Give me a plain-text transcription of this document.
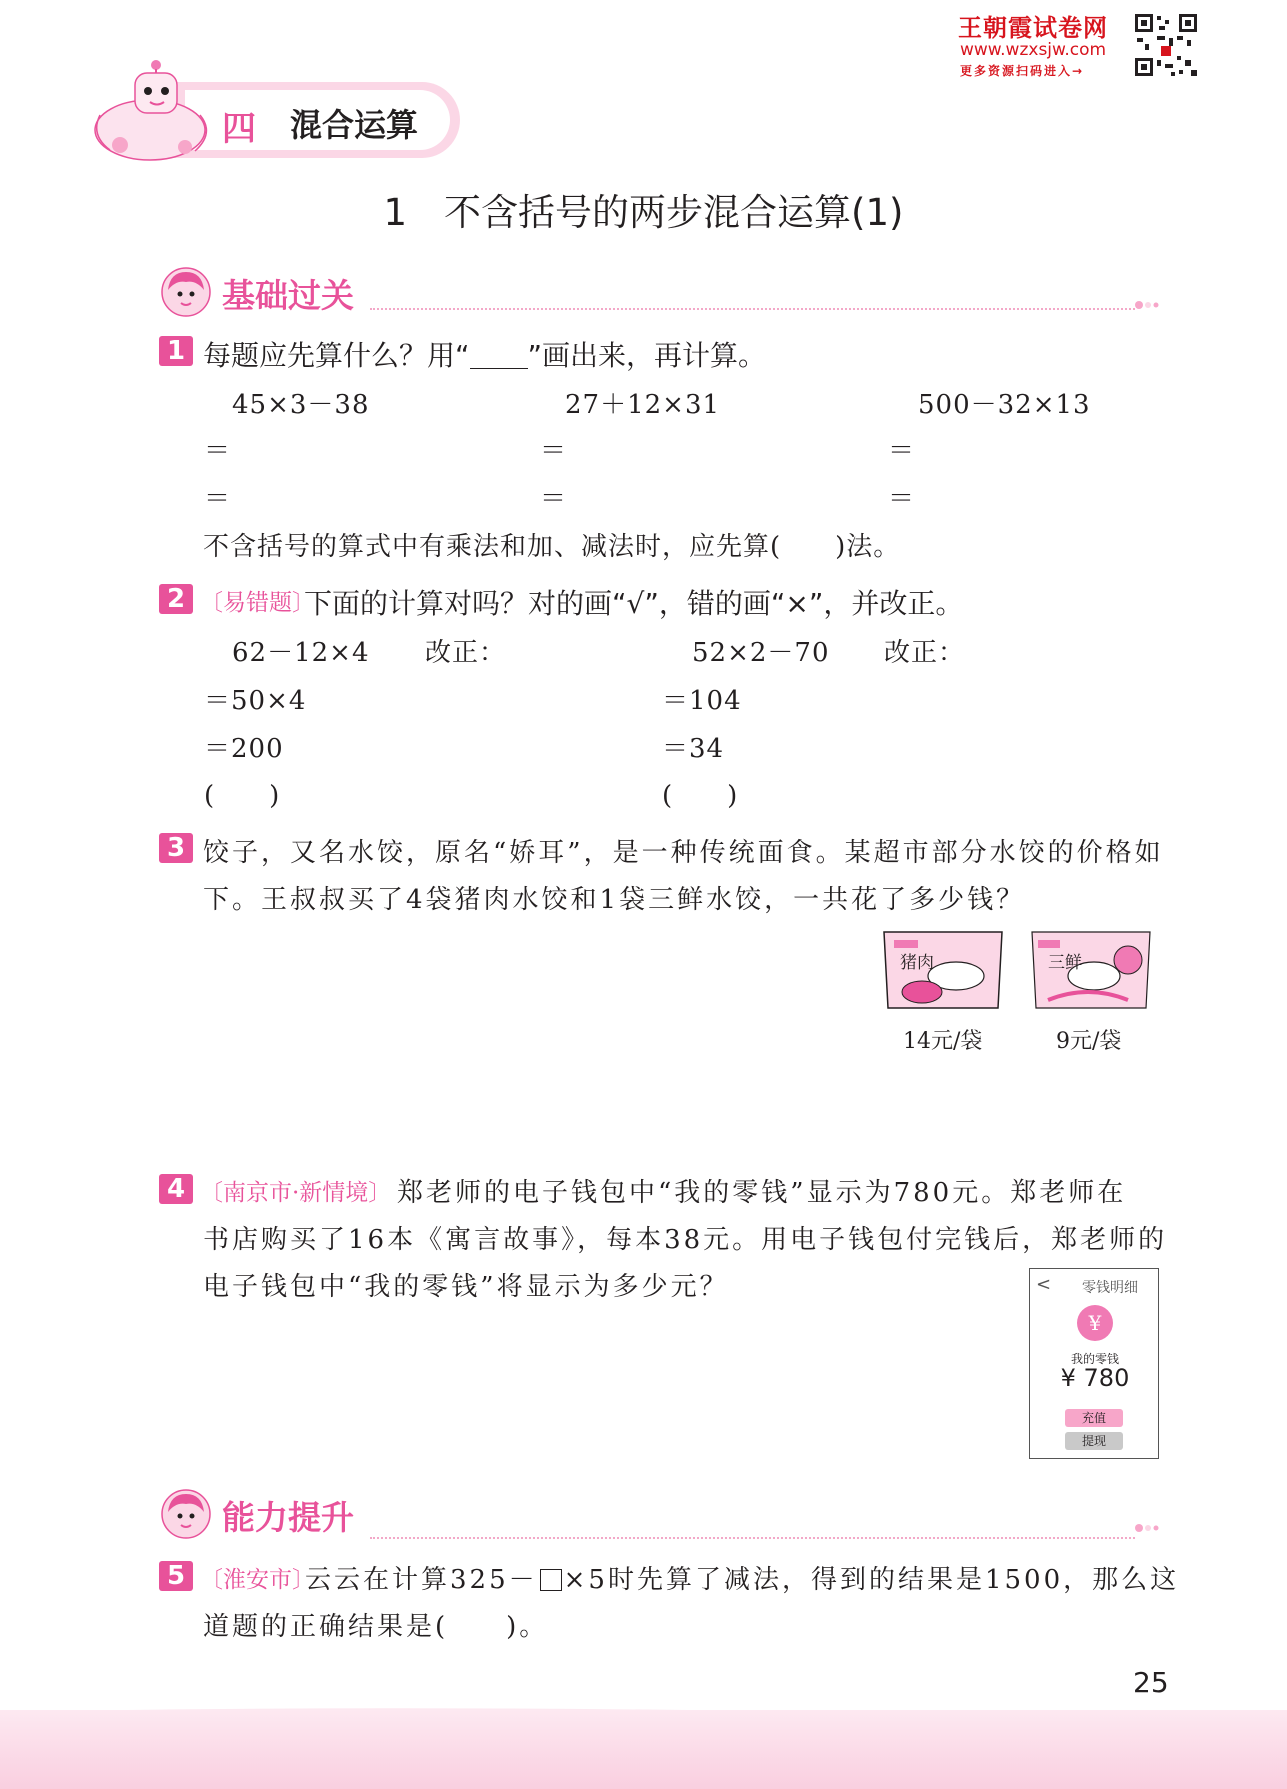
王朝霞试卷网
www.wzxsjw.com
更多资源扫码进入→
四 混合运算
1　不含括号的两步混合运算(1)
基础过关
1 每题应先算什么？用“ ”画出来，再计算。
45×3－38	27＋12×31	500－32×13
＝	＝	＝
＝	＝	＝
不含括号的算式中有乘法和加、减法时，应先算(　　)法。
2 〔易错题〕
下面的计算对吗？对的画“√”，错的画“×”，并改正。
62－12×4 改正：
＝50×4
＝200
(　　)
52×2－70 改正：
＝104
＝34
(　　)
3 饺子，又名水饺，原名“娇耳”，是一种传统面食。某超市部分水饺的价格如
下。王叔叔买了4袋猪肉水饺和1袋三鲜水饺，一共花了多少钱？
猪肉	三鲜
14元/袋	9元/袋
4 〔南京市·新情境〕 郑老师的电子钱包中“我的零钱”显示为780元。郑老师在
书店购买了16本《寓言故事》，每本38元。用电子钱包付完钱后，郑老师的
电子钱包中“我的零钱”将显示为多少元？	< 零钱明细
¥
我的零钱
¥ 780
充值
提现
能力提升
5 〔淮安市〕
云云在计算325－ ×5时先算了减法，得到的结果是1500，那么这
道题的正确结果是(　　)。
25
